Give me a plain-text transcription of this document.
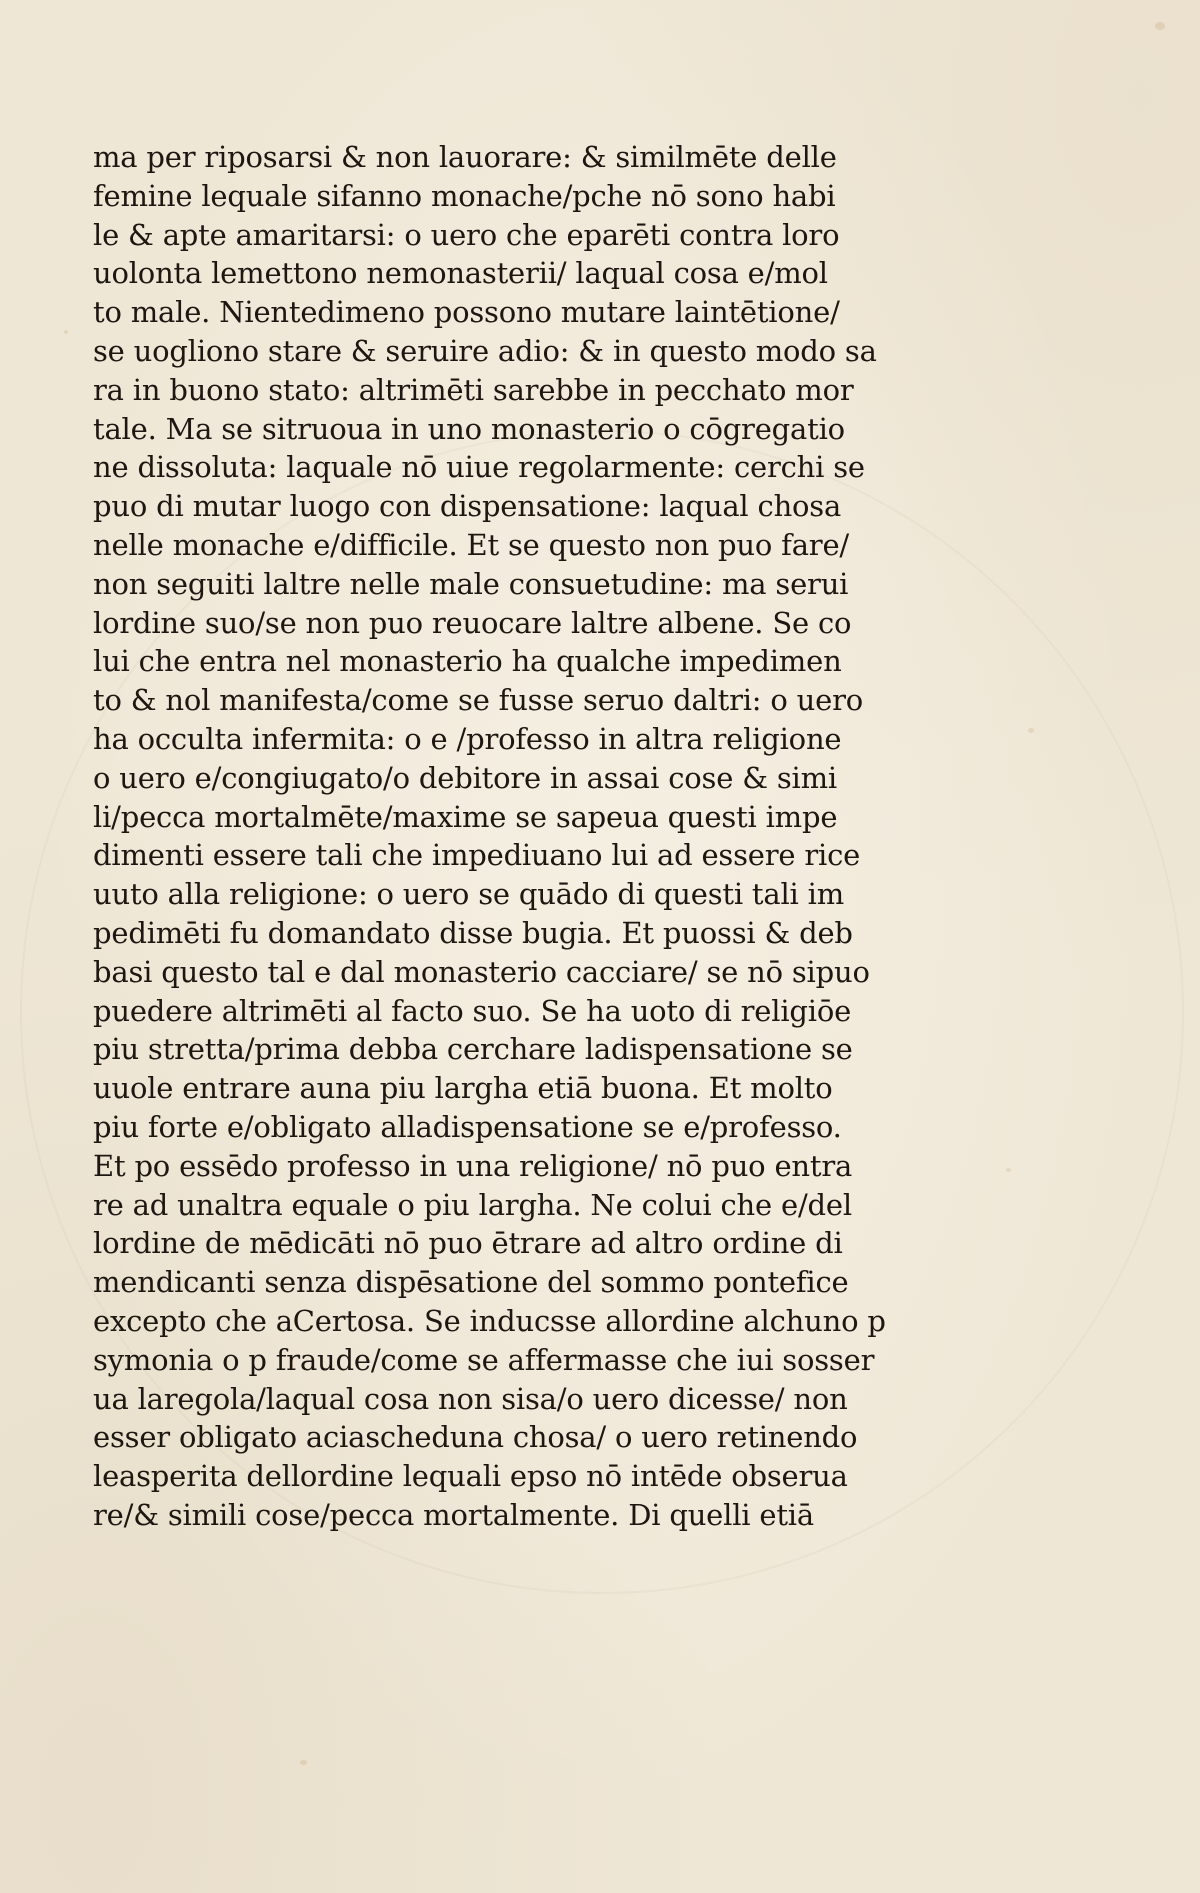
ma per riposarsi & non lauorare: & similmēte delle
femine lequale sifanno monache/pche nō sono habi
le & apte amaritarsi: o uero che eparēti contra loro
uolonta lemettono nemonasterii/ laqual cosa e/mol
to male. Nientedimeno possono mutare laintētione/
se uogliono stare & seruire adio: & in questo modo sa
ra in buono stato: altrimēti sarebbe in pecchato mor
tale. Ma se sitruoua in uno monasterio o cōgregatio
ne dissoluta: laquale nō uiue regolarmente: cerchi se
puo di mutar luogo con dispensatione: laqual chosa
nelle monache e/difficile. Et se questo non puo fare/
non seguiti laltre nelle male consuetudine: ma serui
lordine suo/se non puo reuocare laltre albene. Se co
lui che entra nel monasterio ha qualche impedimen
to & nol manifesta/come se fusse seruo daltri: o uero
ha occulta infermita: o e /professo in altra religione
o uero e/congiugato/o debitore in assai cose & simi
li/pecca mortalmēte/maxime se sapeua questi impe
dimenti essere tali che impediuano lui ad essere rice
uuto alla religione: o uero se quādo di questi tali im
pedimēti fu domandato disse bugia. Et puossi & deb
basi questo tal e dal monasterio cacciare/ se nō sipuo
puedere altrimēti al facto suo. Se ha uoto di religiōe
piu stretta/prima debba cerchare ladispensatione se
uuole entrare auna piu largha etiā buona. Et molto
piu forte e/obligato alladispensatione se e/professo.
Et po essēdo professo in una religione/ nō puo entra
re ad unaltra equale o piu largha. Ne colui che e/del
lordine de mēdicāti nō puo ētrare ad altro ordine di
mendicanti senza dispēsatione del sommo pontefice
excepto che aCertosa. Se inducsse allordine alchuno p
symonia o p fraude/come se affermasse che iui sosser
ua laregola/laqual cosa non sisa/o uero dicesse/ non
esser obligato aciascheduna chosa/ o uero retinendo
leasperita dellordine lequali epso nō intēde obserua
re/& simili cose/pecca mortalmente. Di quelli etiā
